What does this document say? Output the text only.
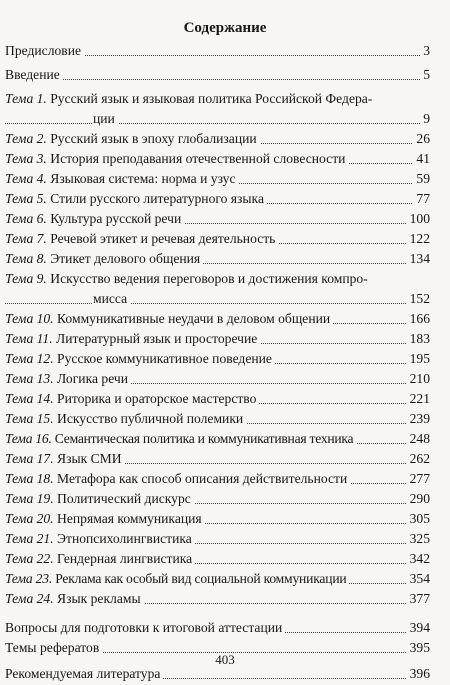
Содержание
Предисловие	3
Введение	5
Тема 1. Русский язык и языковая политика Российской Федера-
ции	9
Тема 2. Русский язык в эпоху глобализации	26
Тема 3. История преподавания отечественной словесности	41
Тема 4. Языковая система: норма и узус	59
Тема 5. Стили русского литературного языка	77
Тема 6. Культура русской речи	100
Тема 7. Речевой этикет и речевая деятельность	122
Тема 8. Этикет делового общения	134
Тема 9. Искусство ведения переговоров и достижения компро-
мисса	152
Тема 10. Коммуникативные неудачи в деловом общении	166
Тема 11. Литературный язык и просторечие	183
Тема 12. Русское коммуникативное поведение	195
Тема 13. Логика речи	210
Тема 14. Риторика и ораторское мастерство	221
Тема 15. Искусство публичной полемики	239
Тема 16. Семантическая политика и коммуникативная техника	248
Тема 17. Язык СМИ	262
Тема 18. Метафора как способ описания действительности	277
Тема 19. Политический дискурс	290
Тема 20. Непрямая коммуникация	305
Тема 21. Этнопсихолингвистика	325
Тема 22. Гендерная лингвистика	342
Тема 23. Реклама как особый вид социальной коммуникации	354
Тема 24. Язык рекламы	377
Вопросы для подготовки к итоговой аттестации	394
Темы рефератов	395
Рекомендуемая литература	396
403
